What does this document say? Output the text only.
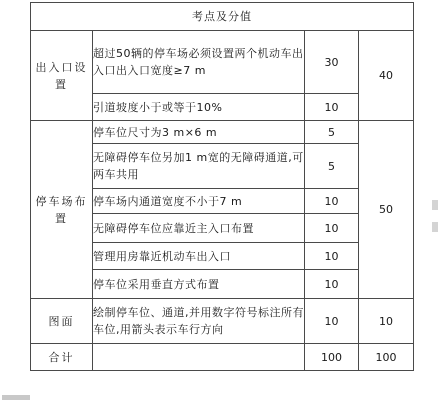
考点及分值			

出入口设置	超过50辆的停车场必须设置两个机动车出入口出入口宽度≥7 m	30	40
	引道坡度小于或等于10%	10	

停车场布置	停车位尺寸为3 m×6 m	5	50
	无障碍停车位另加1 m宽的无障碍通道,可两车共用	5	
	停车场内通道宽度不小于7 m	10	
	无障碍停车位应靠近主入口布置	10	
	管理用房靠近机动车出入口	10	
	停车位采用垂直方式布置	10	

图面	绘制停车位、通道,并用数字符号标注所有车位,用箭头表示车行方向	10	10
合计		100	100
